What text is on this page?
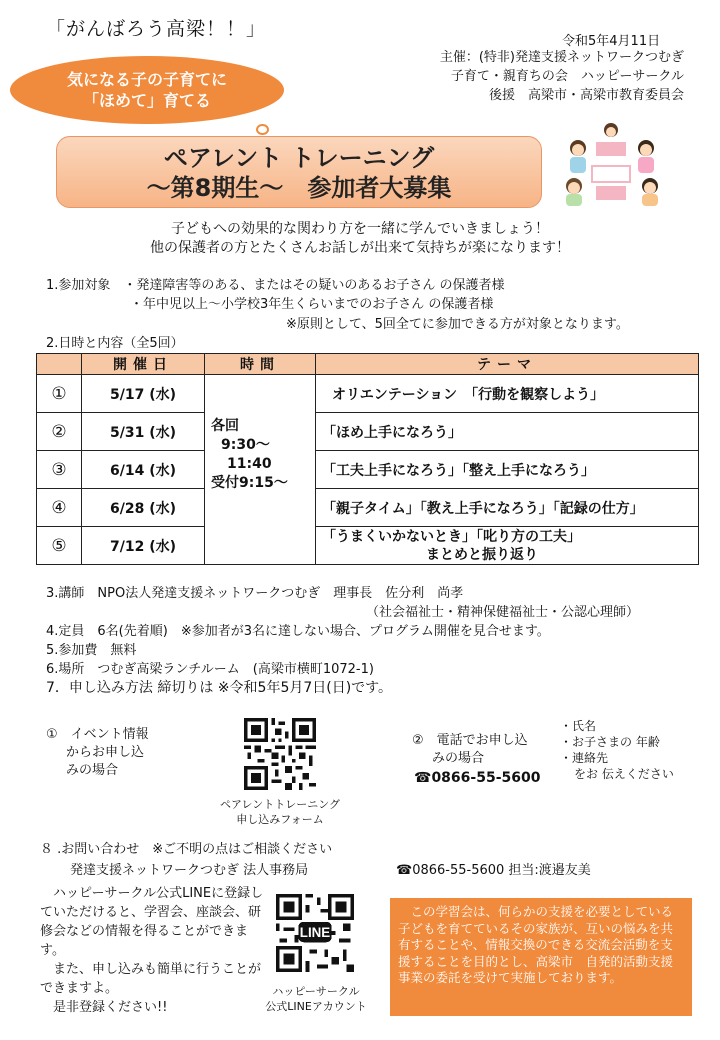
「がんばろう高梁！！」
令和5年4月11日
主催：(特非)発達支援ネットワークつむぎ
子育て・親育ちの会　ハッピーサークル
後援　高梁市・高梁市教育委員会
気になる子の子育てに
「ほめて」育てる
ペアレント トレーニング
～第8期生～　参加者大募集
子どもへの効果的な関わり方を一緒に学んでいきましょう！
他の保護者の方とたくさんお話しが出来て気持ちが楽になります！
1.参加対象　・発達障害等のある、またはその疑いのあるお子さん の保護者様
・年中児以上～小学校3年生くらいまでのお子さん の保護者様
※原則として、5回全てに参加できる方が対象となります。
2.日時と内容（全5回）
	開催日	時間	テーマ
①	5/17 (水)	各回
9:30～
11:40
受付9:15～	オリエンテーション　「行動を観察しよう」
②	5/31 (水)		「ほめ上手になろう」
③	6/14 (水)		「工夫上手になろう」「整え上手になろう」
④	6/28 (水)		「親子タイム」「教え上手になろう」「記録の仕方」
⑤	7/12 (水)		「うまくいかないとき」「叱り方の工夫」
まとめと振り返り
3.講師　NPO法人発達支援ネットワークつむぎ　理事長　佐分利　尚孝
（社会福祉士・精神保健福祉士・公認心理師）
4.定員　6名(先着順)　※参加者が3名に達しない場合、プログラム開催を見合せます。
5.参加費　無料
6.場所　つむぎ高梁ランチルーム　(高梁市横町1072-1)
7．申し込み方法 締切りは ※令和5年5月7日(日)です。
①　イベント情報
からお申し込
みの場合
ペアレントトレーニング
申し込みフォーム
②　電話でお申し込
みの場合
☎0866-55-5600
・氏名
・お子さまの 年齢
・連絡先
をお 伝えください
８ .お問い合わせ　※ご不明の点はご相談ください
発達支援ネットワークつむぎ 法人事務局	☎0866-55-5600 担当:渡邉友美
　ハッピーサークル公式LINEに登録していただけると、学習会、座談会、研修会などの情報を得ることができます。
　また、申し込みも簡単に行うことができますよ。
　是非登録ください!!
LINE
ハッピーサークル
公式LINEアカウント
　この学習会は、何らかの支援を必要としている子どもを育てているその家族が、互いの悩みを共有することや、情報交換のできる交流会活動を支援することを目的とし、高梁市　自発的活動支援事業の委託を受けて実施しております。
